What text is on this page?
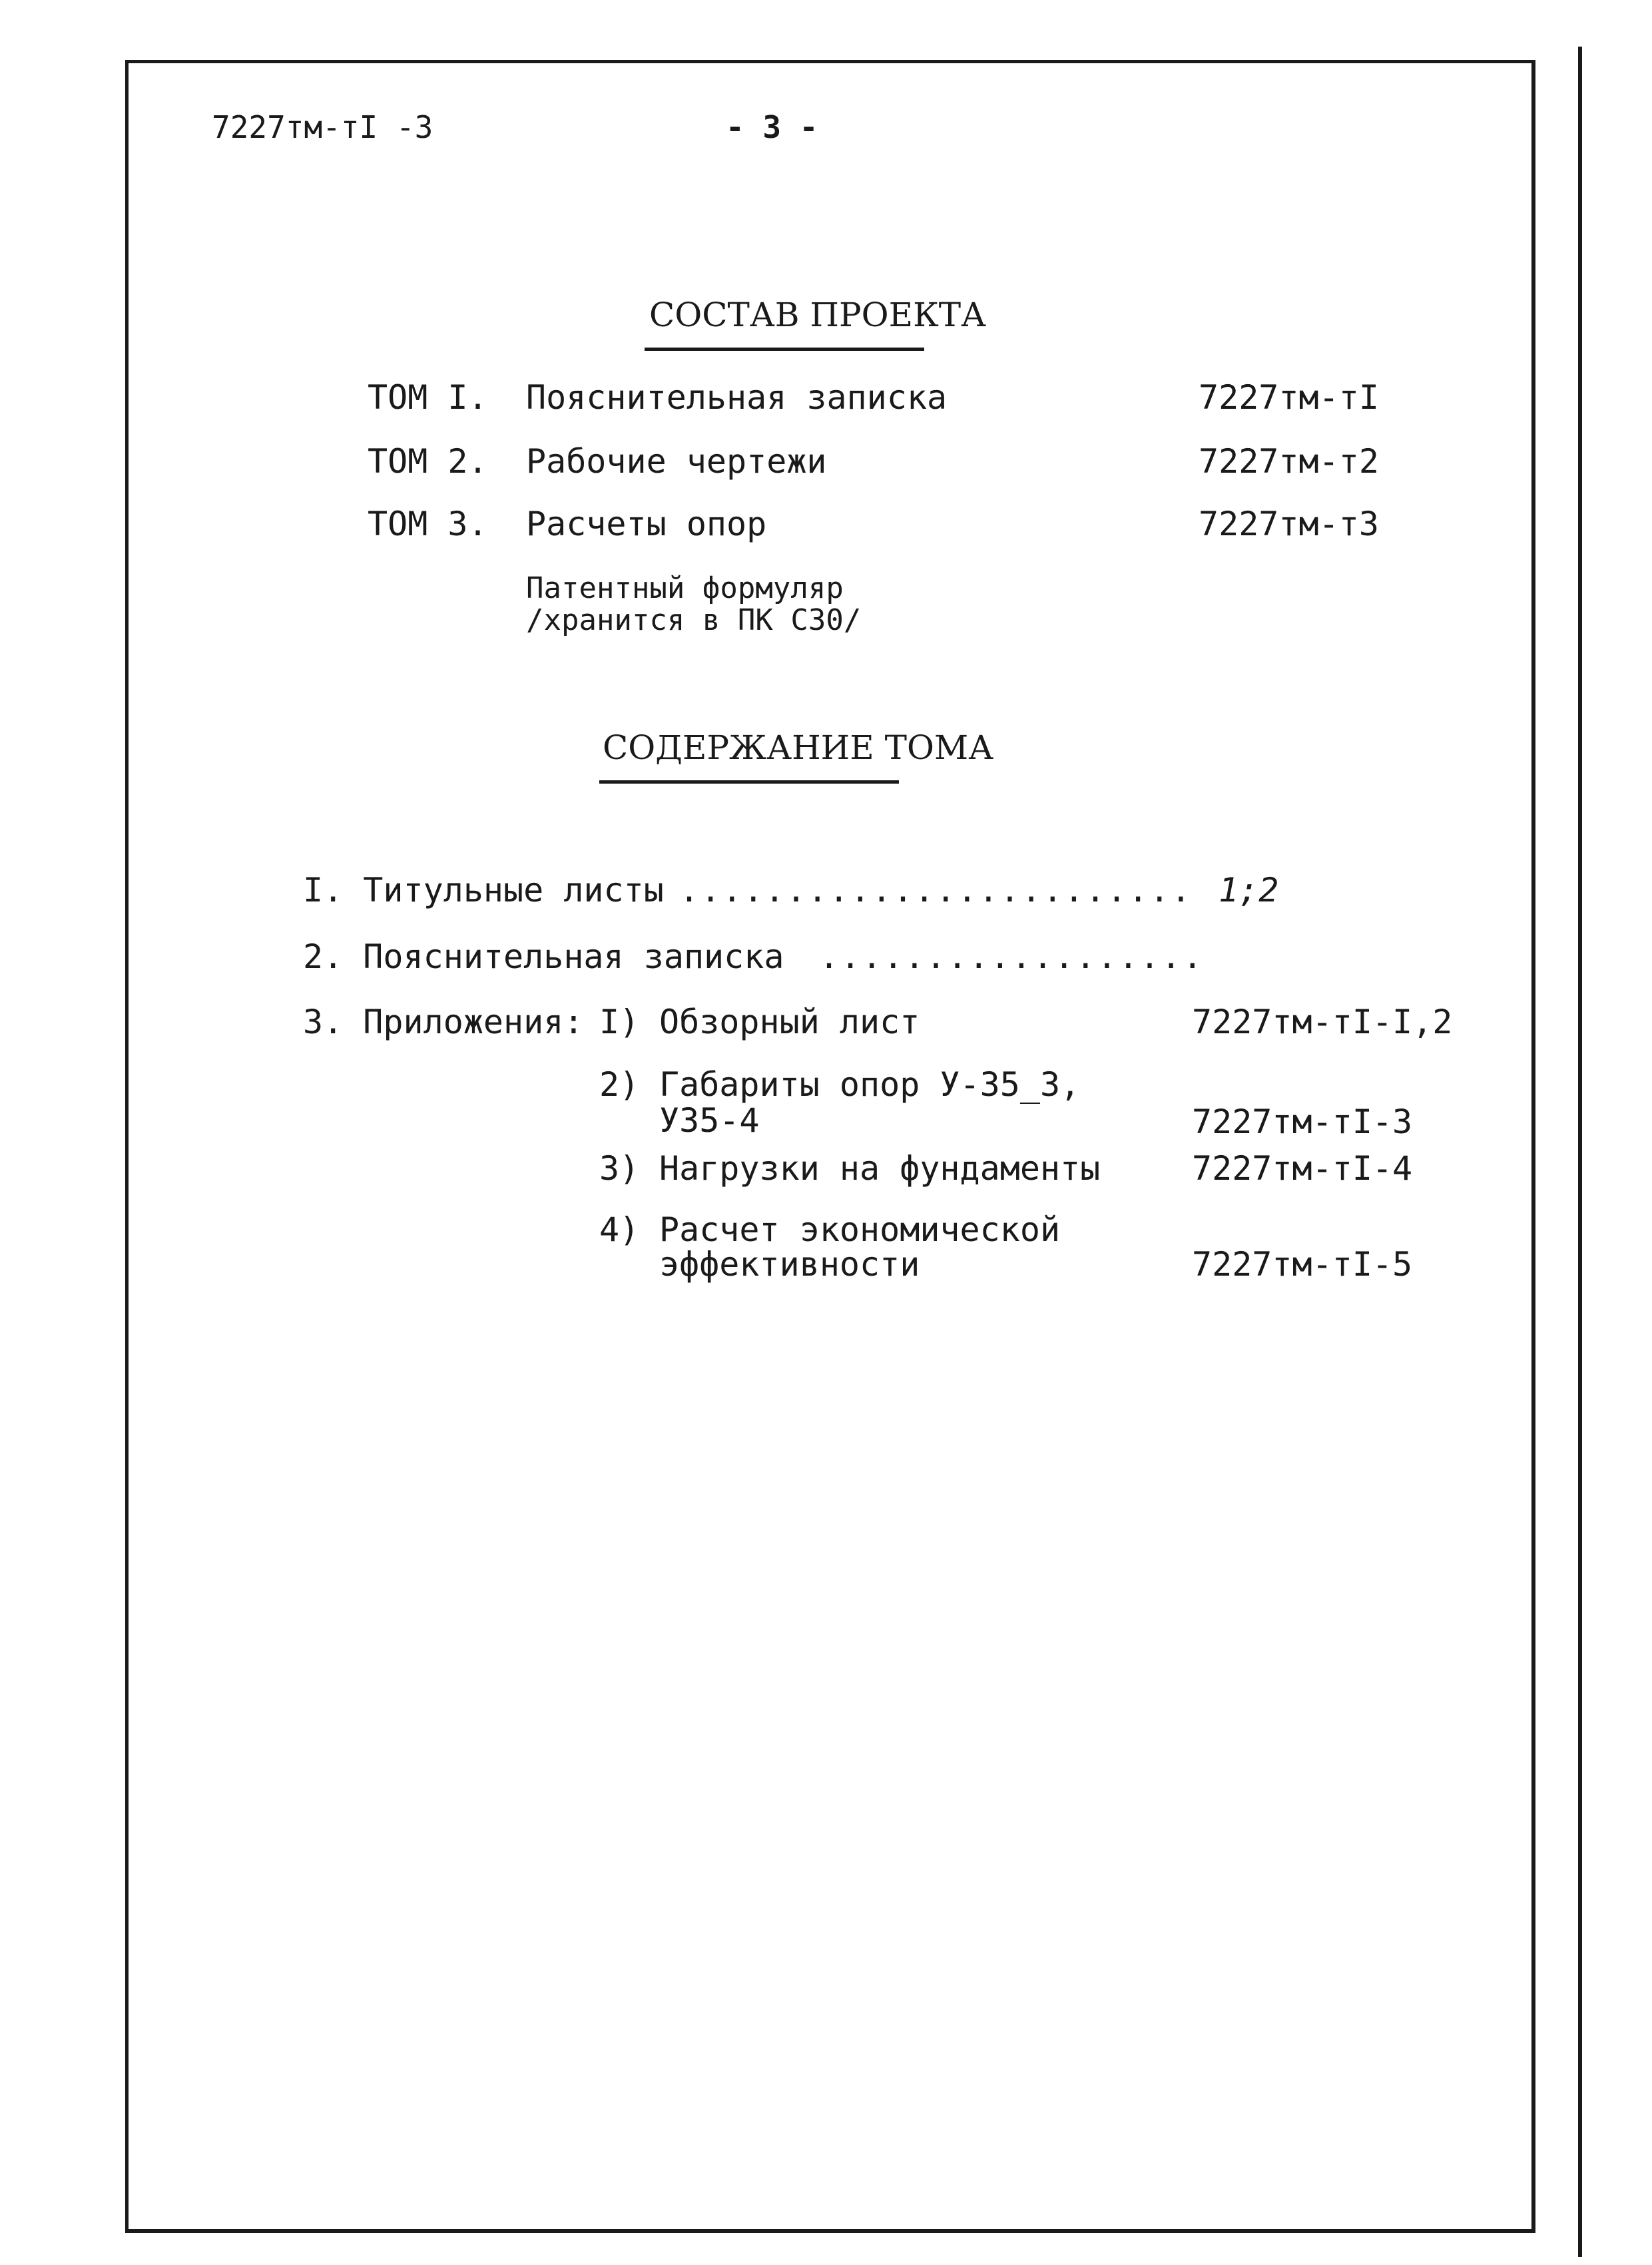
7227тм-тI -3	- 3 -
СОСТАВ ПРОЕКТА
ТОМ I. Пояснительная записка	7227тм-тI
ТОМ 2. Рабочие чертежи	7227тм-т2
ТОМ 3. Расчеты опор	7227тм-т3
Патентный формуляр
/хранится в ПК С30/
СОДЕРЖАНИЕ ТОМА
I. Титульные листы ........................ 1;2
2. Пояснительная записка ..................
3. Приложения: I) Обзорный лист	7227тм-тI-I,2
2) Габариты опор У-35_3,
У35-4	7227тм-тI-3
3) Нагрузки на фундаменты	7227тм-тI-4
4) Расчет экономической
эффективности	7227тм-тI-5
